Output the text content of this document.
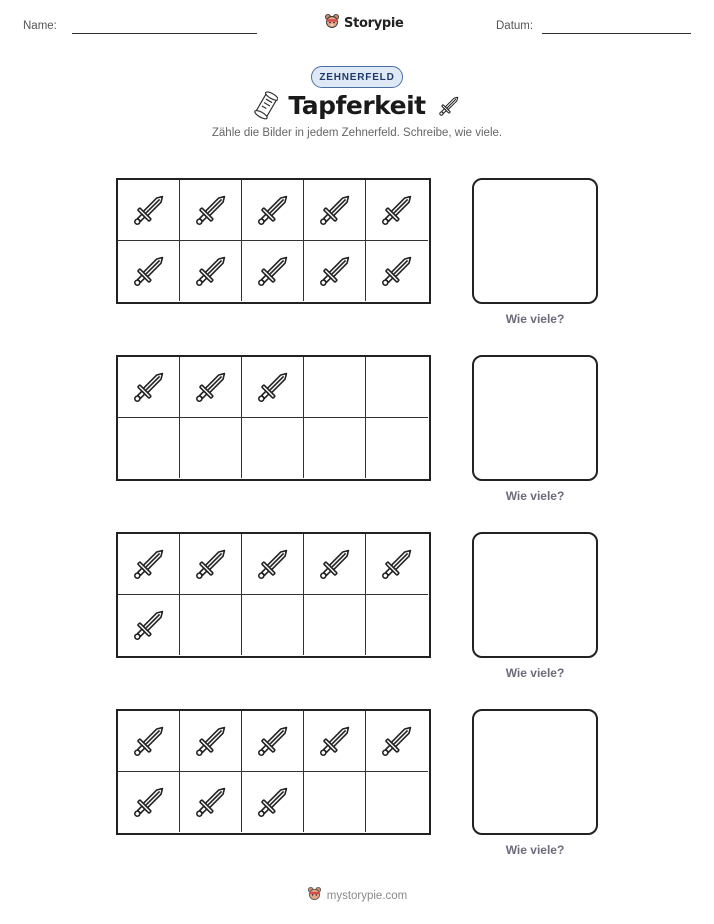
Name:	Storypie	Datum:
ZEHNERFELD
Tapferkeit
Zähle die Bilder in jedem Zehnerfeld. Schreibe, wie viele.
Wie viele?
Wie viele?
Wie viele?
Wie viele?
mystorypie.com
